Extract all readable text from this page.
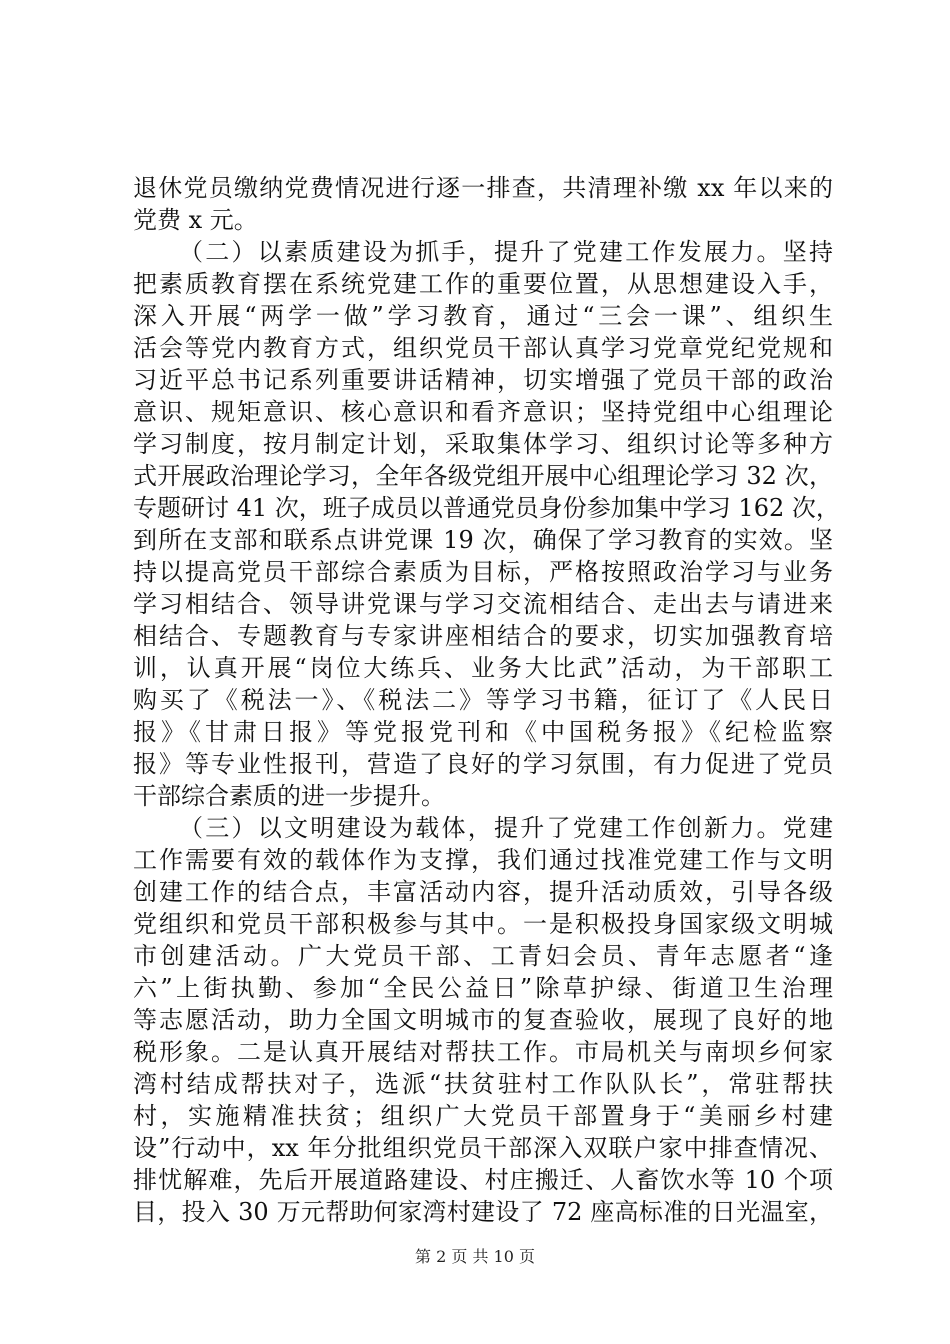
退休党员缴纳党费情况进行逐一排查，共清理补缴 xx 年以来的
党费 x 元。
（二）以素质建设为抓手，提升了党建工作发展力。坚持
把素质教育摆在系统党建工作的重要位置，从思想建设入手，
深入开展“两学一做”学习教育，通过“三会一课”、组织生
活会等党内教育方式，组织党员干部认真学习党章党纪党规和
习近平总书记系列重要讲话精神，切实增强了党员干部的政治
意识、规矩意识、核心意识和看齐意识；坚持党组中心组理论
学习制度，按月制定计划，采取集体学习、组织讨论等多种方
式开展政治理论学习，全年各级党组开展中心组理论学习 32 次，
专题研讨 41 次，班子成员以普通党员身份参加集中学习 162 次，
到所在支部和联系点讲党课 19 次，确保了学习教育的实效。坚
持以提高党员干部综合素质为目标，严格按照政治学习与业务
学习相结合、领导讲党课与学习交流相结合、走出去与请进来
相结合、专题教育与专家讲座相结合的要求，切实加强教育培
训，认真开展“岗位大练兵、业务大比武”活动，为干部职工
购买了《税法一》、《税法二》等学习书籍，征订了《人民日
报》《甘肃日报》等党报党刊和《中国税务报》《纪检监察
报》等专业性报刊，营造了良好的学习氛围，有力促进了党员
干部综合素质的进一步提升。
（三）以文明建设为载体，提升了党建工作创新力。党建
工作需要有效的载体作为支撑，我们通过找准党建工作与文明
创建工作的结合点，丰富活动内容，提升活动质效，引导各级
党组织和党员干部积极参与其中。一是积极投身国家级文明城
市创建活动。广大党员干部、工青妇会员、青年志愿者“逢
六”上街执勤、参加“全民公益日”除草护绿、街道卫生治理
等志愿活动，助力全国文明城市的复查验收，展现了良好的地
税形象。二是认真开展结对帮扶工作。市局机关与南坝乡何家
湾村结成帮扶对子，选派“扶贫驻村工作队队长”，常驻帮扶
村，实施精准扶贫；组织广大党员干部置身于“美丽乡村建
设”行动中，xx 年分批组织党员干部深入双联户家中排查情况、
排忧解难，先后开展道路建设、村庄搬迁、人畜饮水等 10 个项
目，投入 30 万元帮助何家湾村建设了 72 座高标准的日光温室，
第 2 页 共 10 页
